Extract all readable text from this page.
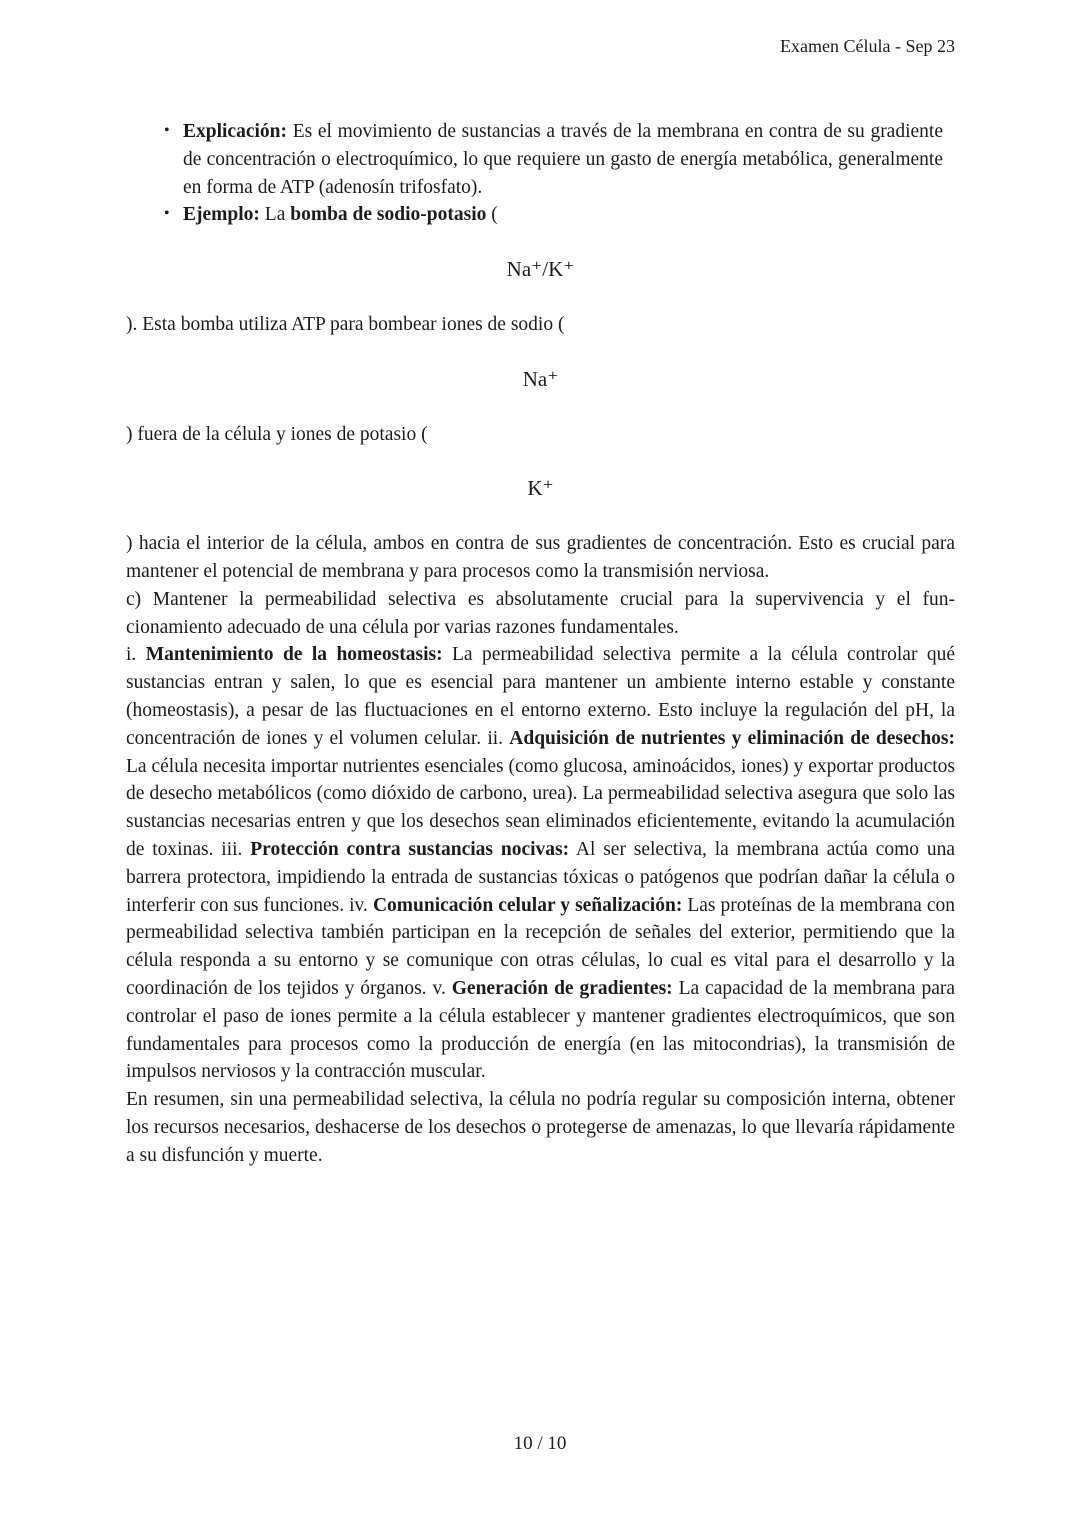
Examen Célula - Sep 23
• Explicación: Es el movimiento de sustancias a través de la membrana en contra de su gradiente de concentración o electroquímico, lo que requiere un gasto de energía metabólica, generalmente en forma de ATP (adenosín trifosfato).
• Ejemplo: La bomba de sodio-potasio (
Na⁺/K⁺

). Esta bomba utiliza ATP para bombear iones de sodio (

Na⁺

) fuera de la célula y iones de potasio (

K⁺

) hacia el interior de la célula, ambos en contra de sus gradientes de concentración. Esto es crucial para mantener el potencial de membrana y para procesos como la transmisión nerviosa.

c) Mantener la permeabilidad selectiva es absolutamente crucial para la supervivencia y el funcionamiento adecuado de una célula por varias razones fundamentales.

i. Mantenimiento de la homeostasis: La permeabilidad selectiva permite a la célula controlar qué sustancias entran y salen, lo que es esencial para mantener un ambiente interno estable y constante (homeostasis), a pesar de las fluctuaciones en el entorno externo. Esto incluye la regulación del pH, la concentración de iones y el volumen celular. ii. Adquisición de nutrientes y eliminación de desechos: La célula necesita importar nutrientes esenciales (como glucosa, aminoácidos, iones) y exportar productos de desecho metabólicos (como dióxido de carbono, urea). La permeabilidad selectiva asegura que solo las sustancias necesarias entren y que los desechos sean eliminados eficientemente, evitando la acumulación de toxinas. iii. Protección contra sustancias nocivas: Al ser selectiva, la membrana actúa como una barrera protectora, impidiendo la entrada de sustancias tóxicas o patógenos que podrían dañar la célula o interferir con sus funciones. iv. Comunicación celular y señalización: Las proteínas de la membrana con permeabilidad selectiva también participan en la recepción de señales del exterior, permitiendo que la célula responda a su entorno y se comunique con otras células, lo cual es vital para el desarrollo y la coordinación de los tejidos y órganos. v. Generación de gradientes: La capacidad de la membrana para controlar el paso de iones permite a la célula establecer y mantener gradientes electroquímicos, que son fundamentales para procesos como la producción de energía (en las mitocondrias), la transmisión de impulsos nerviosos y la contracción muscular.

En resumen, sin una permeabilidad selectiva, la célula no podría regular su composición interna, obtener los recursos necesarios, deshacerse de los desechos o protegerse de amenazas, lo que llevaría rápidamente a su disfunción y muerte.

10 / 10
